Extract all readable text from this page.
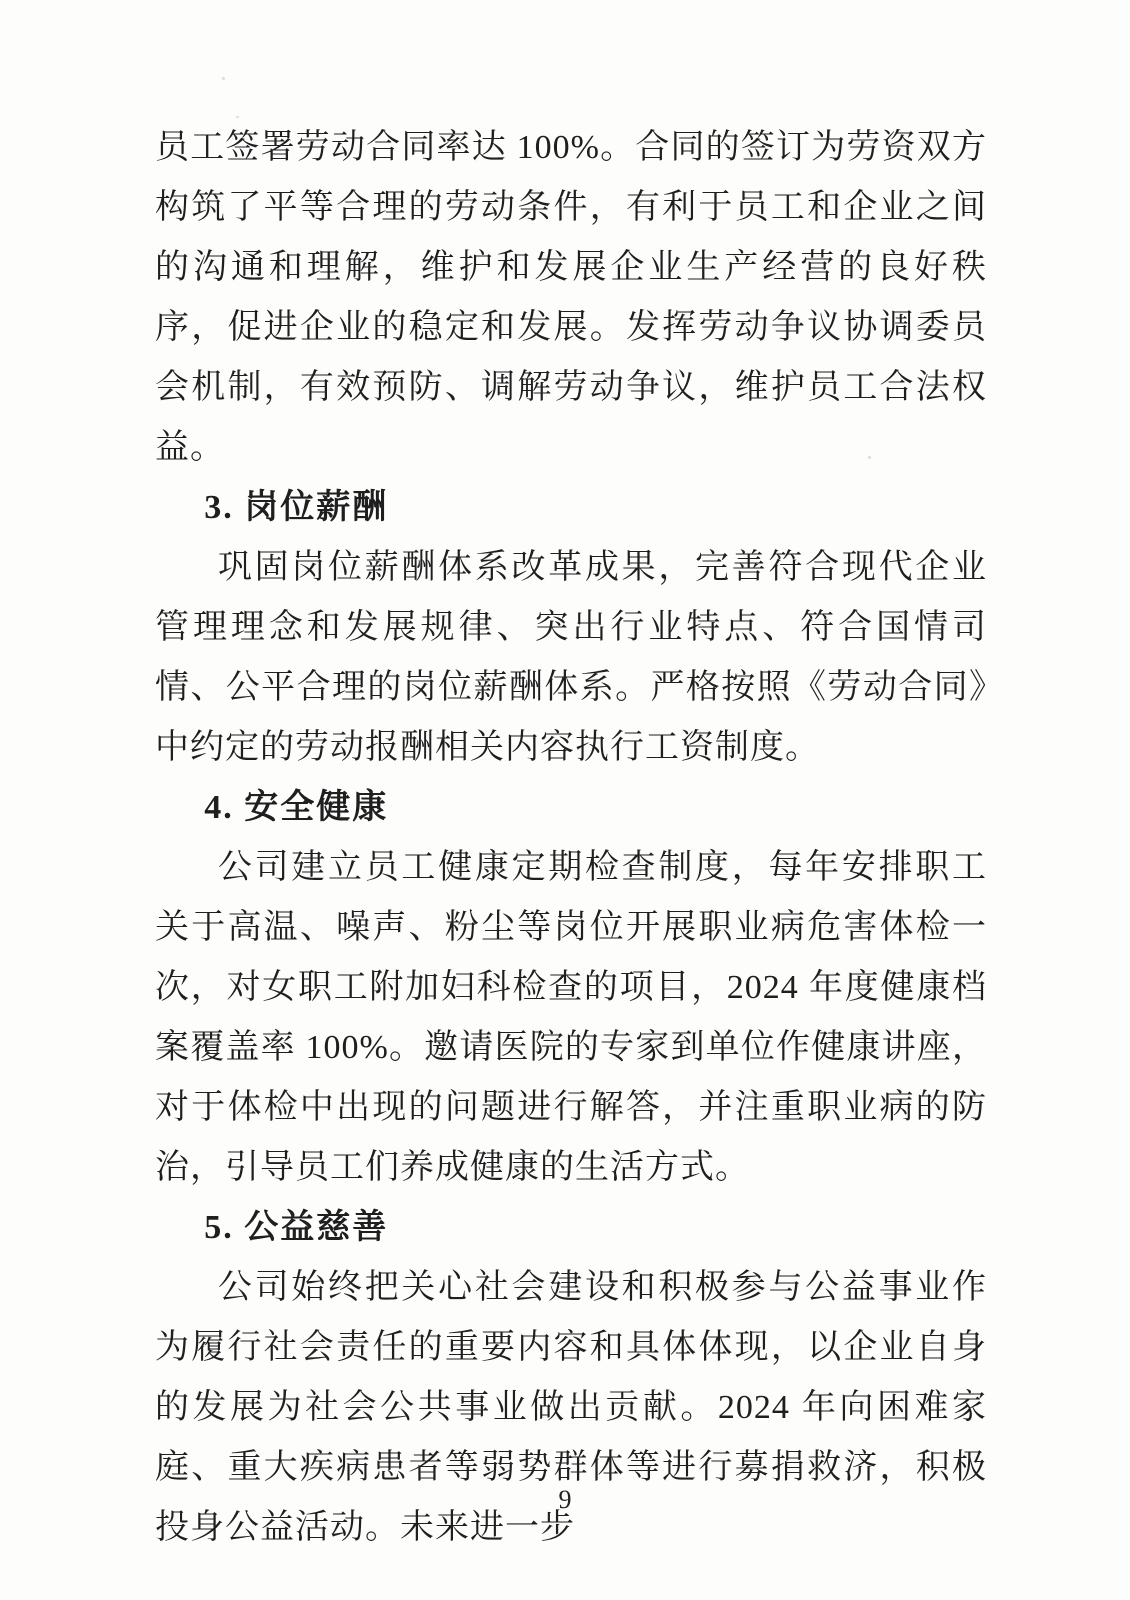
员工签署劳动合同率达 100%。合同的签订为劳资双方构筑了平等合理的劳动条件，有利于员工和企业之间的沟通和理解，维护和发展企业生产经营的良好秩序，促进企业的稳定和发展。发挥劳动争议协调委员会机制，有效预防、调解劳动争议，维护员工合法权益。

3. 岗位薪酬

巩固岗位薪酬体系改革成果，完善符合现代企业管理理念和发展规律、突出行业特点、符合国情司情、公平合理的岗位薪酬体系。严格按照《劳动合同》中约定的劳动报酬相关内容执行工资制度。

4. 安全健康

公司建立员工健康定期检查制度，每年安排职工关于高温、噪声、粉尘等岗位开展职业病危害体检一次，对女职工附加妇科检查的项目，2024 年度健康档案覆盖率 100%。邀请医院的专家到单位作健康讲座，对于体检中出现的问题进行解答，并注重职业病的防治，引导员工们养成健康的生活方式。

5. 公益慈善

公司始终把关心社会建设和积极参与公益事业作为履行社会责任的重要内容和具体体现，以企业自身的发展为社会公共事业做出贡献。2024 年向困难家庭、重大疾病患者等弱势群体等进行募捐救济，积极投身公益活动。未来进一步

9
